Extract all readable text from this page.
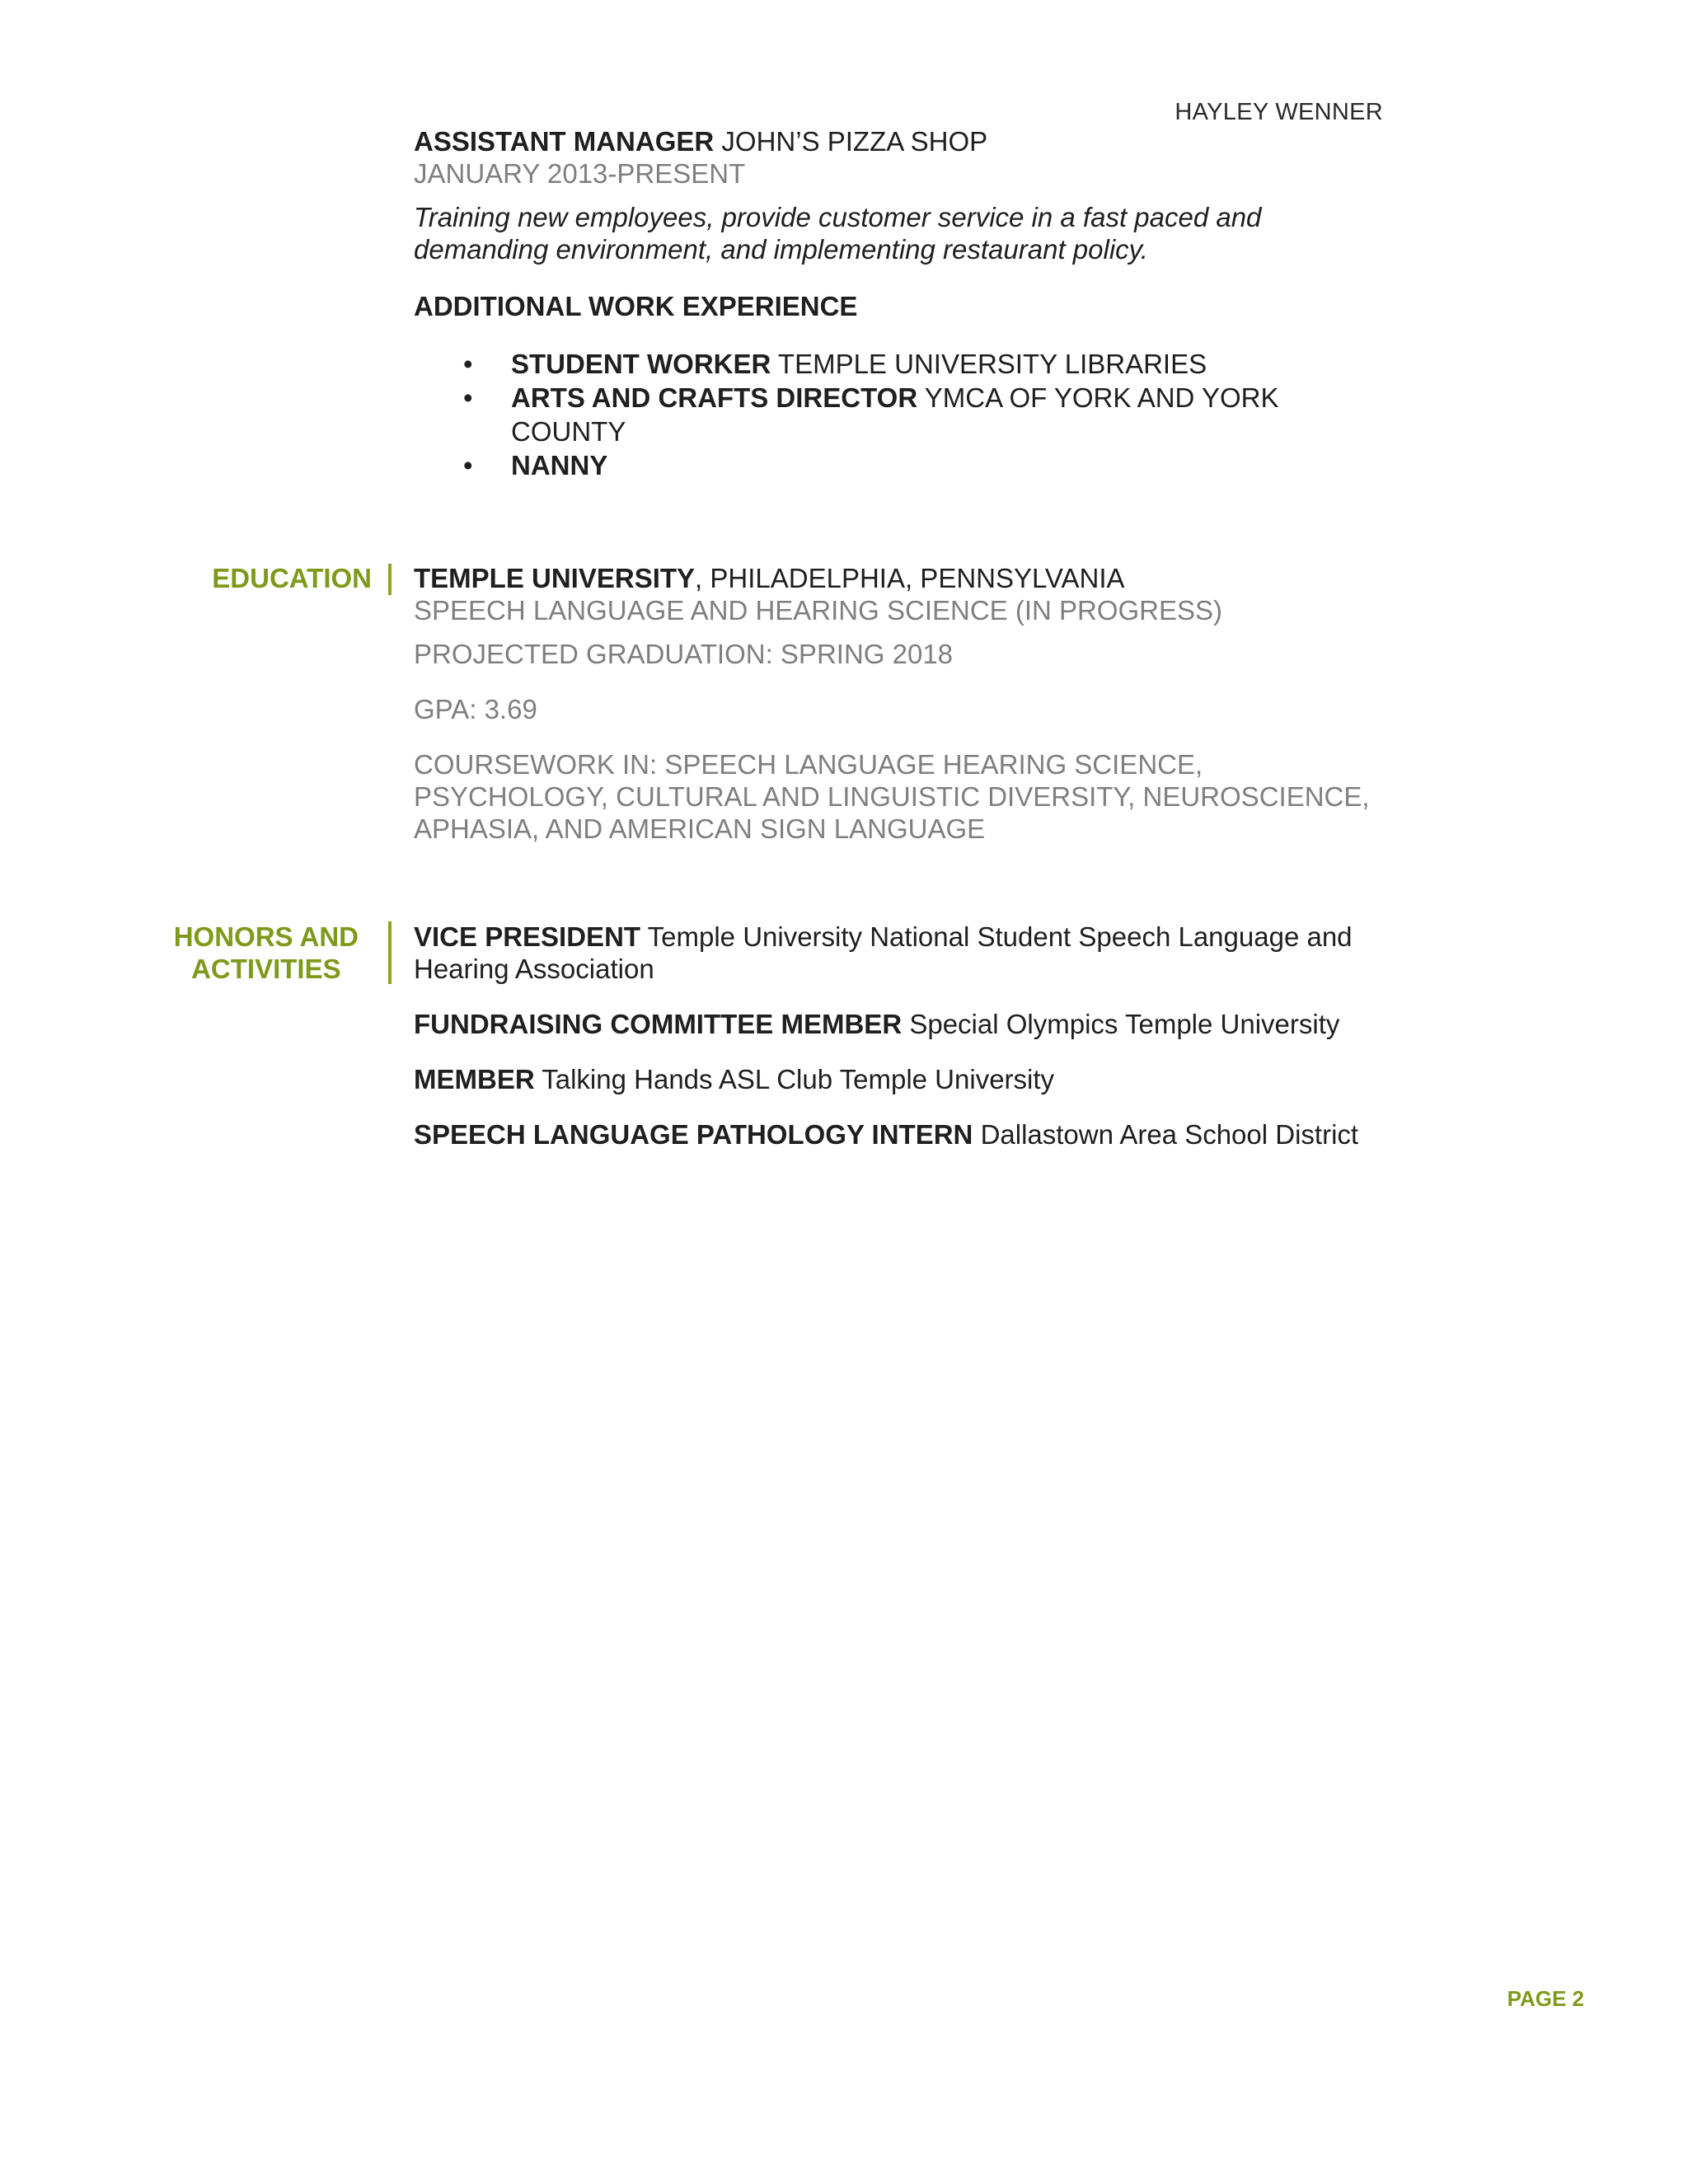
HAYLEY WENNER

ASSISTANT MANAGER JOHN’S PIZZA SHOP

JANUARY 2013-PRESENT

Training new employees, provide customer service in a fast paced and demanding environment, and implementing restaurant policy.

ADDITIONAL WORK EXPERIENCE
• STUDENT WORKER TEMPLE UNIVERSITY LIBRARIES
• ARTS AND CRAFTS DIRECTOR YMCA OF YORK AND YORK COUNTY
• NANNY
EDUCATION TEMPLE UNIVERSITY, PHILADELPHIA, PENNSYLVANIA

SPEECH LANGUAGE AND HEARING SCIENCE (IN PROGRESS)

PROJECTED GRADUATION: SPRING 2018

GPA: 3.69

COURSEWORK IN: SPEECH LANGUAGE HEARING SCIENCE, PSYCHOLOGY, CULTURAL AND LINGUISTIC DIVERSITY, NEUROSCIENCE, APHASIA, AND AMERICAN SIGN LANGUAGE

HONORS AND
ACTIVITIES

VICE PRESIDENT Temple University National Student Speech Language and Hearing Association

FUNDRAISING COMMITTEE MEMBER Special Olympics Temple University

MEMBER Talking Hands ASL Club Temple University

SPEECH LANGUAGE PATHOLOGY INTERN Dallastown Area School District

PAGE 2
